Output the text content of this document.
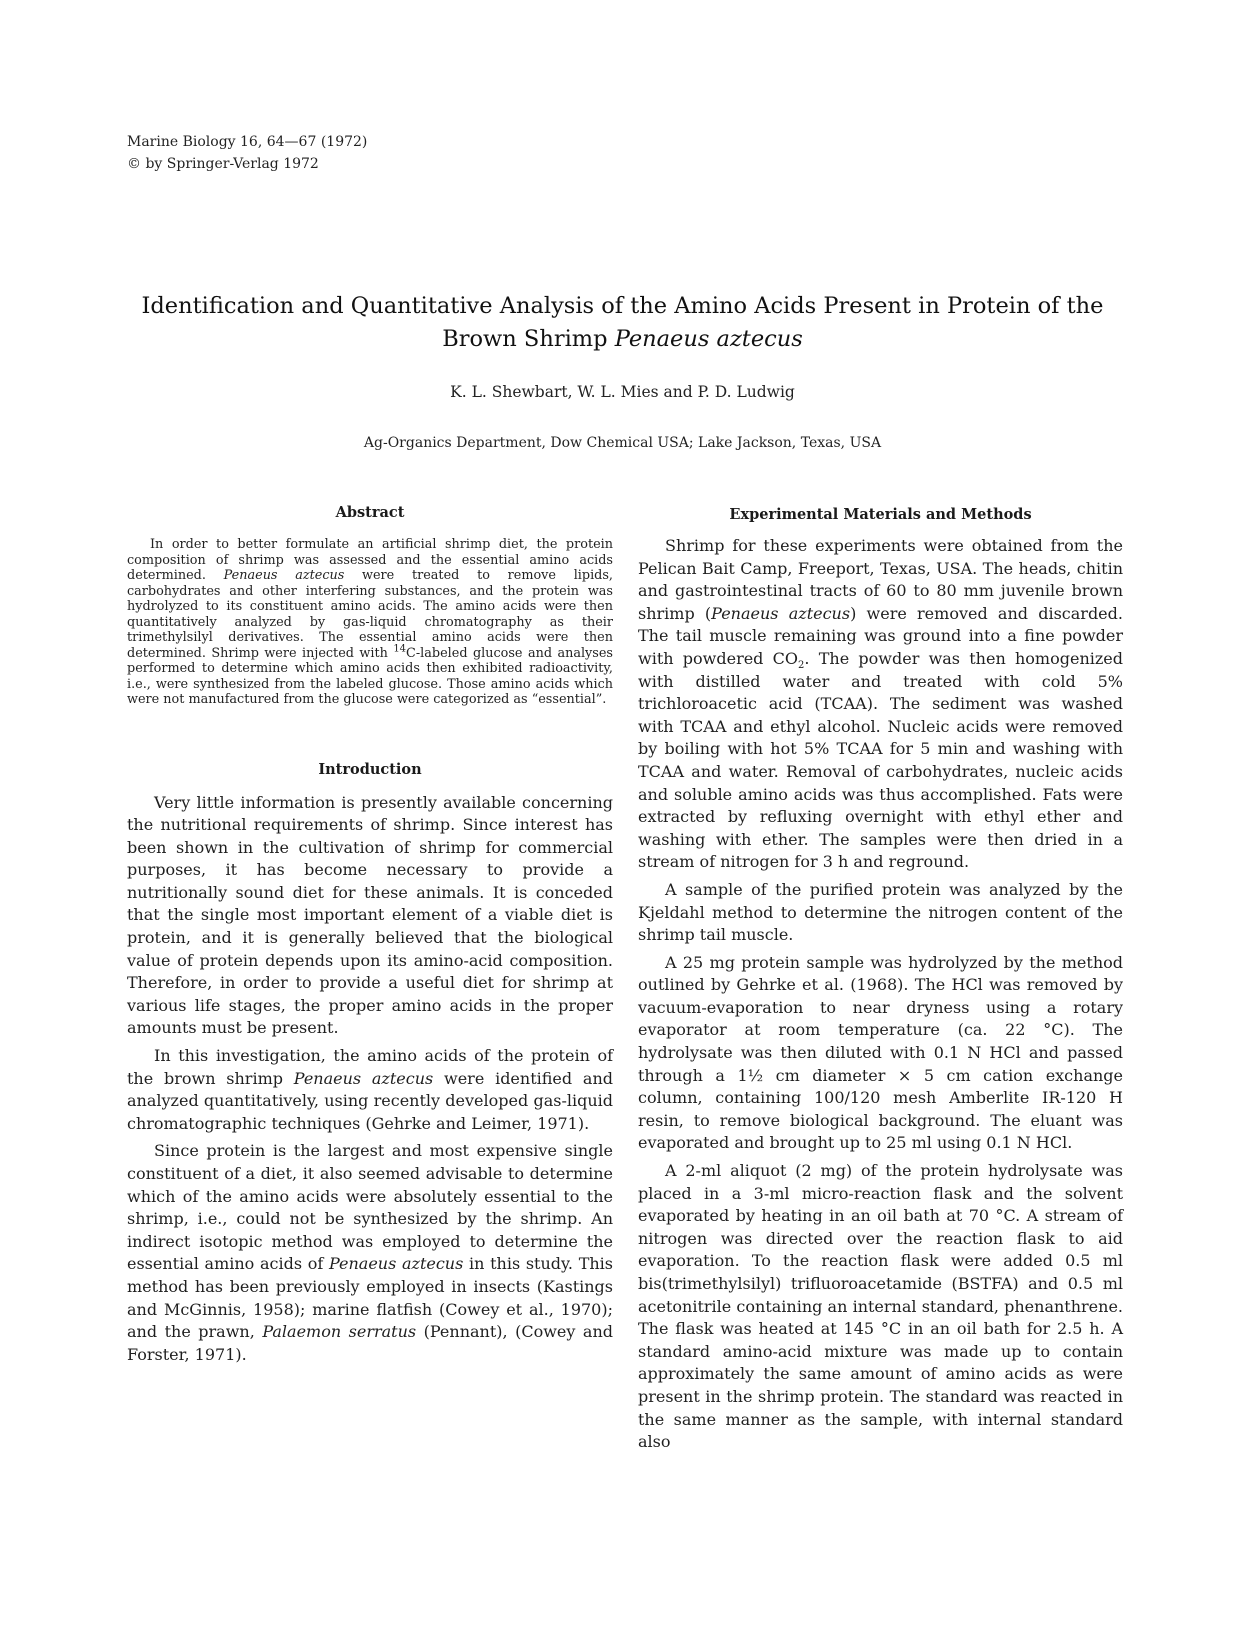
Marine Biology 16, 64—67 (1972)
© by Springer-Verlag 1972
Identification and Quantitative Analysis of the Amino Acids Present in Protein of the
Brown Shrimp Penaeus aztecus
K. L. Shewbart, W. L. Mies and P. D. Ludwig
Ag-Organics Department, Dow Chemical USA; Lake Jackson, Texas, USA
Abstract

In order to better formulate an artificial shrimp diet, the protein composition of shrimp was assessed and the essential amino acids determined. Penaeus aztecus were treated to remove lipids, carbohydrates and other interfering substances, and the protein was hydrolyzed to its constituent amino acids. The amino acids were then quantitatively analyzed by gas-liquid chromatography as their trimethylsilyl derivatives. The essential amino acids were then determined. Shrimp were injected with $^{14}$C-labeled glucose and analyses performed to determine which amino acids then exhibited radioactivity, i.e., were synthesized from the labeled glucose. Those amino acids which were not manufactured from the glucose were categorized as “essential”.

Introduction

Very little information is presently available concerning the nutritional requirements of shrimp. Since interest has been shown in the cultivation of shrimp for commercial purposes, it has become necessary to provide a nutritionally sound diet for these animals. It is conceded that the single most important element of a viable diet is protein, and it is generally believed that the biological value of protein depends upon its amino-acid composition. Therefore, in order to provide a useful diet for shrimp at various life stages, the proper amino acids in the proper amounts must be present.

In this investigation, the amino acids of the protein of the brown shrimp Penaeus aztecus were identified and analyzed quantitatively, using recently developed gas-liquid chromatographic techniques (Gehrke and Leimer, 1971).

Since protein is the largest and most expensive single constituent of a diet, it also seemed advisable to determine which of the amino acids were absolutely essential to the shrimp, i.e., could not be synthesized by the shrimp. An indirect isotopic method was employed to determine the essential amino acids of Penaeus aztecus in this study. This method has been previously employed in insects (Kastings and McGinnis, 1958); marine flatfish (Cowey et al., 1970); and the prawn, Palaemon serratus (Pennant), (Cowey and Forster, 1971).

Experimental Materials and Methods

Shrimp for these experiments were obtained from the Pelican Bait Camp, Freeport, Texas, USA. The heads, chitin and gastrointestinal tracts of 60 to 80 mm juvenile brown shrimp (Penaeus aztecus) were removed and discarded. The tail muscle remaining was ground into a fine powder with powdered $CO_2$. The powder was then homogenized with distilled water and treated with cold 5% trichloroacetic acid (TCAA). The sediment was washed with TCAA and ethyl alcohol. Nucleic acids were removed by boiling with hot 5% TCAA for 5 min and washing with TCAA and water. Removal of carbohydrates, nucleic acids and soluble amino acids was thus accomplished. Fats were extracted by refluxing overnight with ethyl ether and washing with ether. The samples were then dried in a stream of nitrogen for 3 h and reground.

A sample of the purified protein was analyzed by the Kjeldahl method to determine the nitrogen content of the shrimp tail muscle.

A 25 mg protein sample was hydrolyzed by the method outlined by Gehrke et al. (1968). The HCl was removed by vacuum-evaporation to near dryness using a rotary evaporator at room temperature (ca. 22 °C). The hydrolysate was then diluted with 0.1 N HCl and passed through a 1½ cm diameter × 5 cm cation exchange column, containing 100/120 mesh Amberlite IR-120 H resin, to remove biological background. The eluant was evaporated and brought up to 25 ml using 0.1 N HCl.

A 2-ml aliquot (2 mg) of the protein hydrolysate was placed in a 3-ml micro-reaction flask and the solvent evaporated by heating in an oil bath at 70 °C. A stream of nitrogen was directed over the reaction flask to aid evaporation. To the reaction flask were added 0.5 ml bis(trimethylsilyl) trifluoroacetamide (BSTFA) and 0.5 ml acetonitrile containing an internal standard, phenanthrene. The flask was heated at 145 °C in an oil bath for 2.5 h. A standard amino-acid mixture was made up to contain approximately the same amount of amino acids as were present in the shrimp protein. The standard was reacted in the same manner as the sample, with internal standard also
